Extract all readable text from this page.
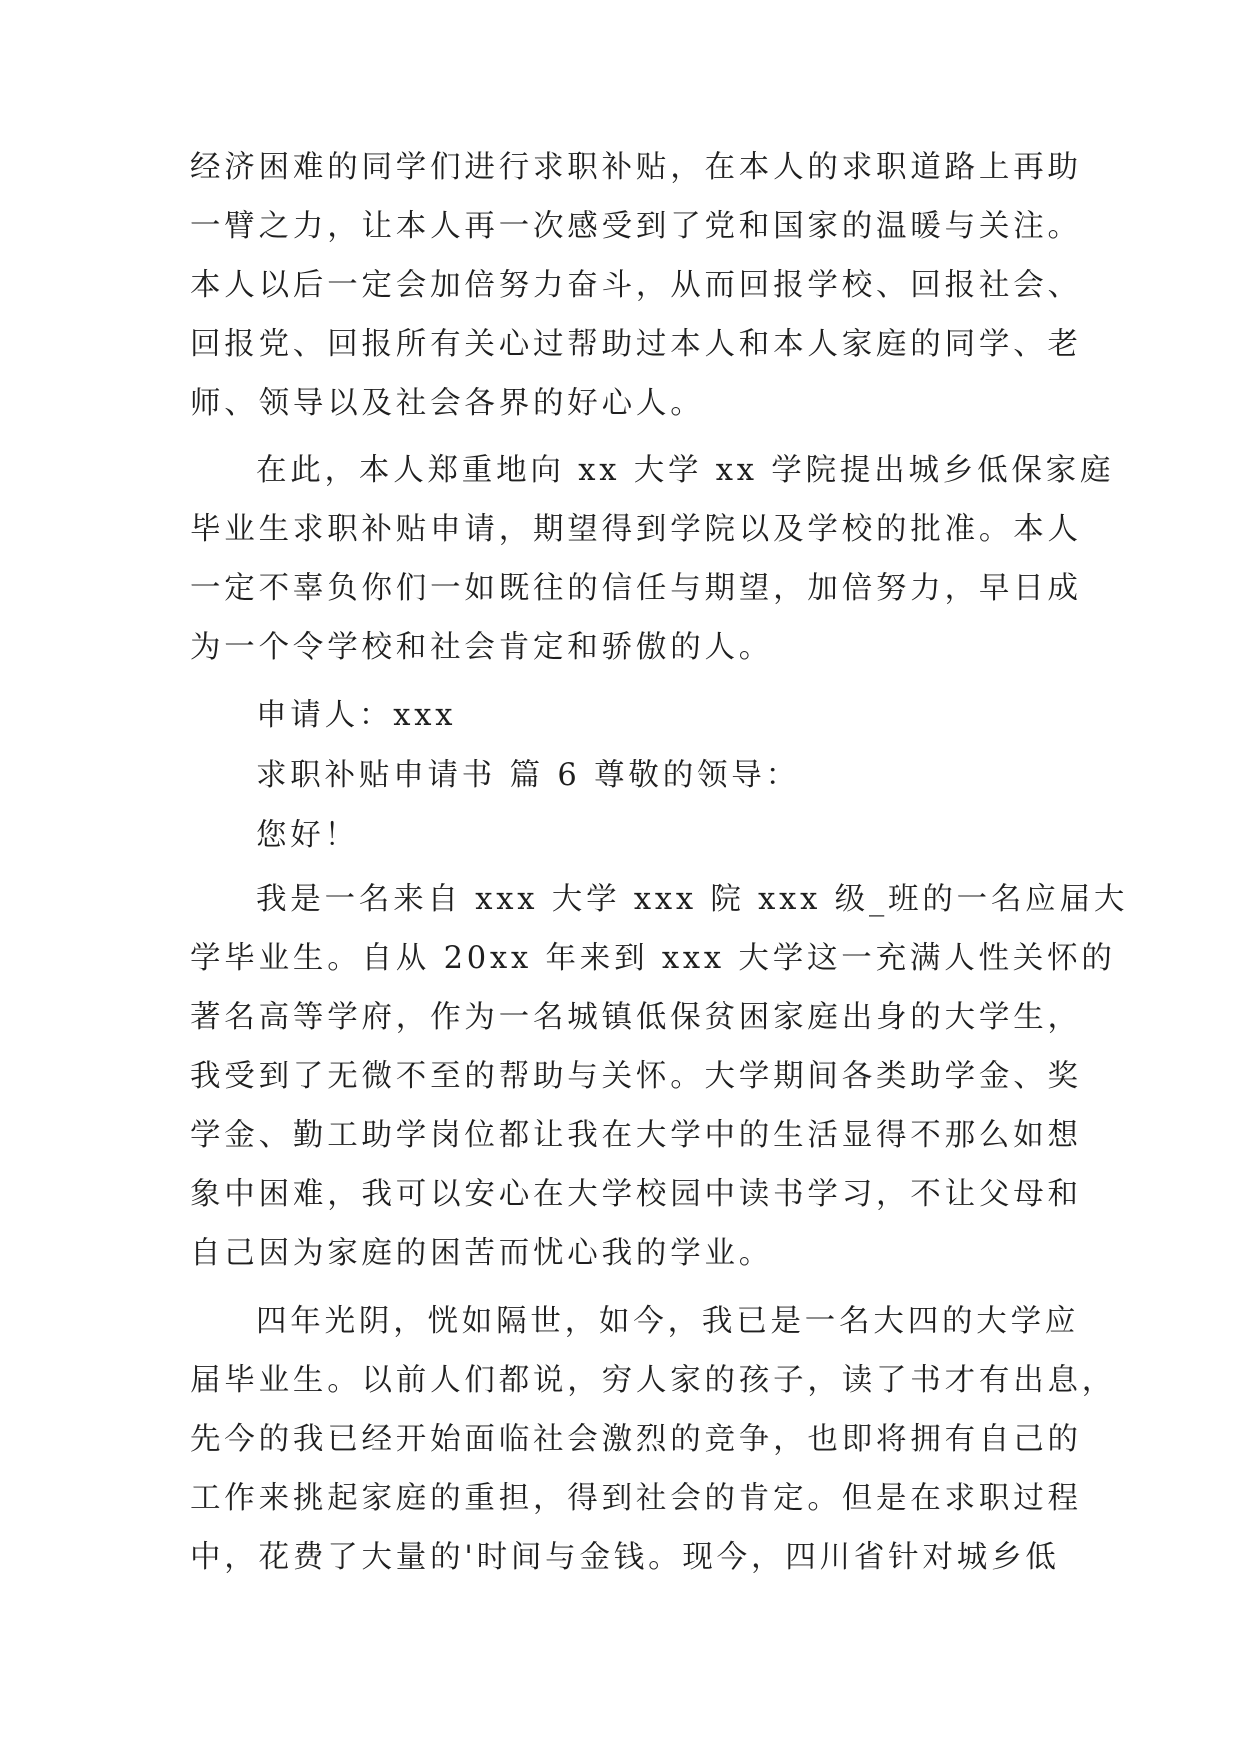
经济困难的同学们进行求职补贴，在本人的求职道路上再助
一臂之力，让本人再一次感受到了党和国家的温暖与关注。
本人以后一定会加倍努力奋斗，从而回报学校、回报社会、
回报党、回报所有关心过帮助过本人和本人家庭的同学、老
师、领导以及社会各界的好心人。
在此，本人郑重地向 xx 大学 xx 学院提出城乡低保家庭
毕业生求职补贴申请，期望得到学院以及学校的批准。本人
一定不辜负你们一如既往的信任与期望，加倍努力，早日成
为一个令学校和社会肯定和骄傲的人。
申请人：xxx
求职补贴申请书 篇 6 尊敬的领导：
您好！
我是一名来自 xxx 大学 xxx 院 xxx 级_班的一名应届大
学毕业生。自从 20xx 年来到 xxx 大学这一充满人性关怀的
著名高等学府，作为一名城镇低保贫困家庭出身的大学生，
我受到了无微不至的帮助与关怀。大学期间各类助学金、奖
学金、勤工助学岗位都让我在大学中的生活显得不那么如想
象中困难，我可以安心在大学校园中读书学习，不让父母和
自己因为家庭的困苦而忧心我的学业。
四年光阴，恍如隔世，如今，我已是一名大四的大学应
届毕业生。以前人们都说，穷人家的孩子，读了书才有出息，
先今的我已经开始面临社会激烈的竞争，也即将拥有自己的
工作来挑起家庭的重担，得到社会的肯定。但是在求职过程
中，花费了大量的'时间与金钱。现今，四川省针对城乡低
